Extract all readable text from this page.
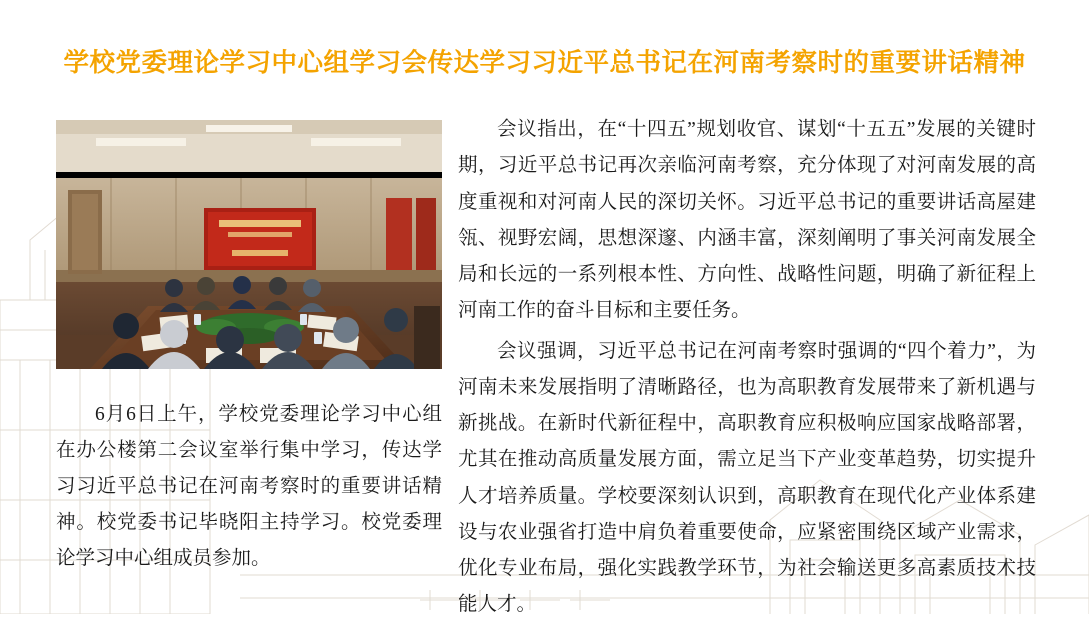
学校党委理论学习中心组学习会传达学习习近平总书记在河南考察时的重要讲话精神
6月6日上午，学校党委理论学习中心组在办公楼第二会议室举行集中学习，传达学习习近平总书记在河南考察时的重要讲话精神。校党委书记毕晓阳主持学习。校党委理论学习中心组成员参加。

会议指出，在“十四五”规划收官、谋划“十五五”发展的关键时期，习近平总书记再次亲临河南考察，充分体现了对河南发展的高度重视和对河南人民的深切关怀。习近平总书记的重要讲话高屋建瓴、视野宏阔，思想深邃、内涵丰富，深刻阐明了事关河南发展全局和长远的一系列根本性、方向性、战略性问题，明确了新征程上河南工作的奋斗目标和主要任务。

会议强调，习近平总书记在河南考察时强调的“四个着力”，为河南未来发展指明了清晰路径，也为高职教育发展带来了新机遇与新挑战。在新时代新征程中，高职教育应积极响应国家战略部署，尤其在推动高质量发展方面，需立足当下产业变革趋势，切实提升人才培养质量。学校要深刻认识到，高职教育在现代化产业体系建设与农业强省打造中肩负着重要使命，应紧密围绕区域产业需求，优化专业布局，强化实践教学环节，为社会输送更多高素质技术技能人才。
